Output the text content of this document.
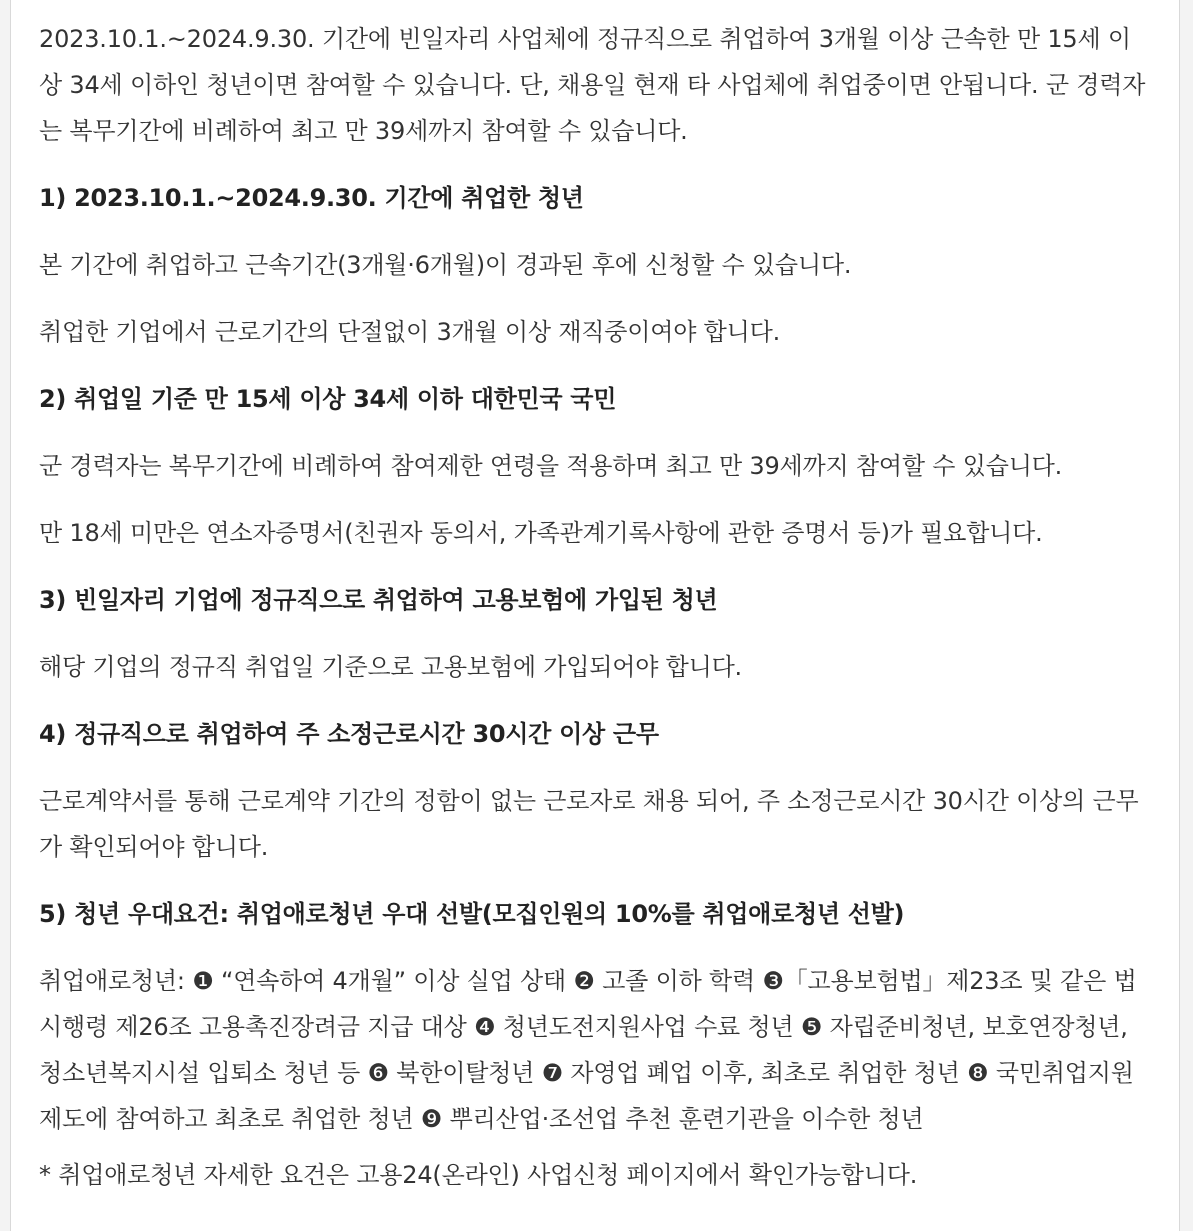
2023.10.1.~2024.9.30. 기간에 빈일자리 사업체에 정규직으로 취업하여 3개월 이상 근속한 만 15세 이상 34세 이하인 청년이면 참여할 수 있습니다. 단, 채용일 현재 타 사업체에 취업중이면 안됩니다. 군 경력자는 복무기간에 비례하여 최고 만 39세까지 참여할 수 있습니다.

1) 2023.10.1.~2024.9.30. 기간에 취업한 청년

본 기간에 취업하고 근속기간(3개월·6개월)이 경과된 후에 신청할 수 있습니다.

취업한 기업에서 근로기간의 단절없이 3개월 이상 재직중이여야 합니다.

2) 취업일 기준 만 15세 이상 34세 이하 대한민국 국민

군 경력자는 복무기간에 비례하여 참여제한 연령을 적용하며 최고 만 39세까지 참여할 수 있습니다.

만 18세 미만은 연소자증명서(친권자 동의서, 가족관계기록사항에 관한 증명서 등)가 필요합니다.

3) 빈일자리 기업에 정규직으로 취업하여 고용보험에 가입된 청년

해당 기업의 정규직 취업일 기준으로 고용보험에 가입되어야 합니다.

4) 정규직으로 취업하여 주 소정근로시간 30시간 이상 근무

근로계약서를 통해 근로계약 기간의 정함이 없는 근로자로 채용 되어, 주 소정근로시간 30시간 이상의 근무가 확인되어야 합니다.

5) 청년 우대요건: 취업애로청년 우대 선발(모집인원의 10%를 취업애로청년 선발)

취업애로청년: ❶ “연속하여 4개월” 이상 실업 상태 ❷ 고졸 이하 학력 ❸「고용보험법」제23조 및 같은 법 시행령 제26조 고용촉진장려금 지급 대상 ❹ 청년도전지원사업 수료 청년 ❺ 자립준비청년, 보호연장청년, 청소년복지시설 입퇴소 청년 등 ❻ 북한이탈청년 ❼ 자영업 폐업 이후, 최초로 취업한 청년 ❽ 국민취업지원제도에 참여하고 최초로 취업한 청년 ❾ 뿌리산업·조선업 추천 훈련기관을 이수한 청년

* 취업애로청년 자세한 요건은 고용24(온라인) 사업신청 페이지에서 확인가능합니다.
